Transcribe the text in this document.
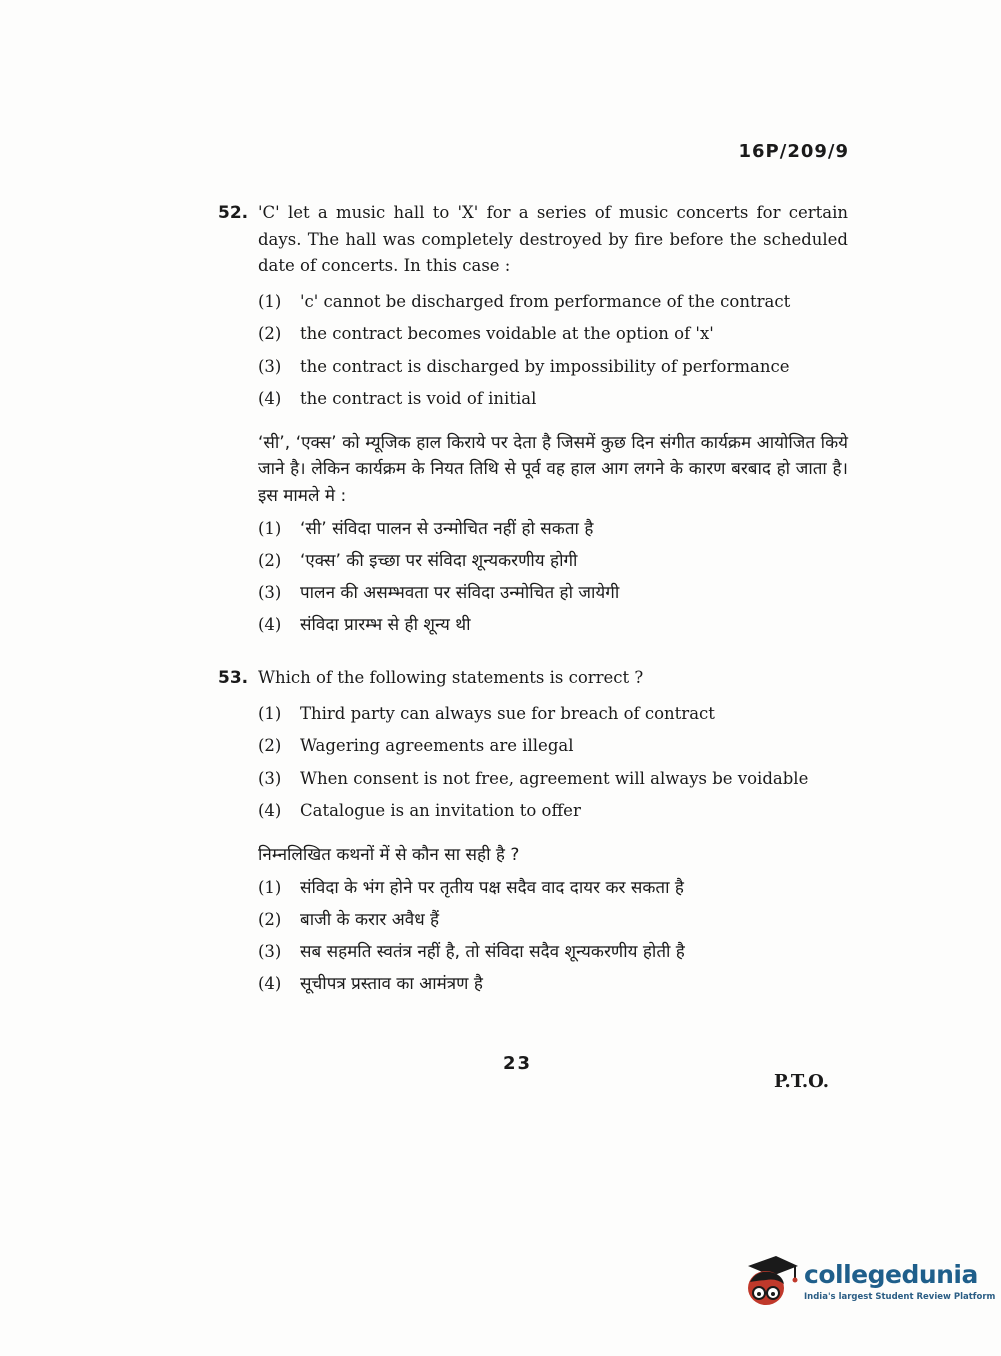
16P/209/9
52. 'C' let a music hall to 'X' for a series of music concerts for certain days. The hall was completely destroyed by fire before the scheduled date of concerts. In this case :
(1)	'c' cannot be discharged from performance of the contract
(2)	the contract becomes voidable at the option of 'x'
(3)	the contract is discharged by impossibility of performance
(4)	the contract is void of initial
‘सी’, ‘एक्स’ को म्यूजिक हाल किराये पर देता है जिसमें कुछ दिन संगीत कार्यक्रम आयोजित किये जाने है। लेकिन कार्यक्रम के नियत तिथि से पूर्व वह हाल आग लगने के कारण बरबाद हो जाता है। इस मामले मे :
(1)	‘सी’ संविदा पालन से उन्मोचित नहीं हो सकता है
(2)	‘एक्स’ की इच्छा पर संविदा शून्यकरणीय होगी
(3)	पालन की असम्भवता पर संविदा उन्मोचित हो जायेगी
(4)	संविदा प्रारम्भ से ही शून्य थी
53. Which of the following statements is correct ?
(1)	Third party can always sue for breach of contract
(2)	Wagering agreements are illegal
(3)	When consent is not free, agreement will always be voidable
(4)	Catalogue is an invitation to offer
निम्नलिखित कथनों में से कौन सा सही है ?
(1)	संविदा के भंग होने पर तृतीय पक्ष सदैव वाद दायर कर सकता है
(2)	बाजी के करार अवैध हैं
(3)	सब सहमति स्वतंत्र नहीं है, तो संविदा सदैव शून्यकरणीय होती है
(4)	सूचीपत्र प्रस्ताव का आमंत्रण है
23
P.T.O.
collegedunia
India's largest Student Review Platform
